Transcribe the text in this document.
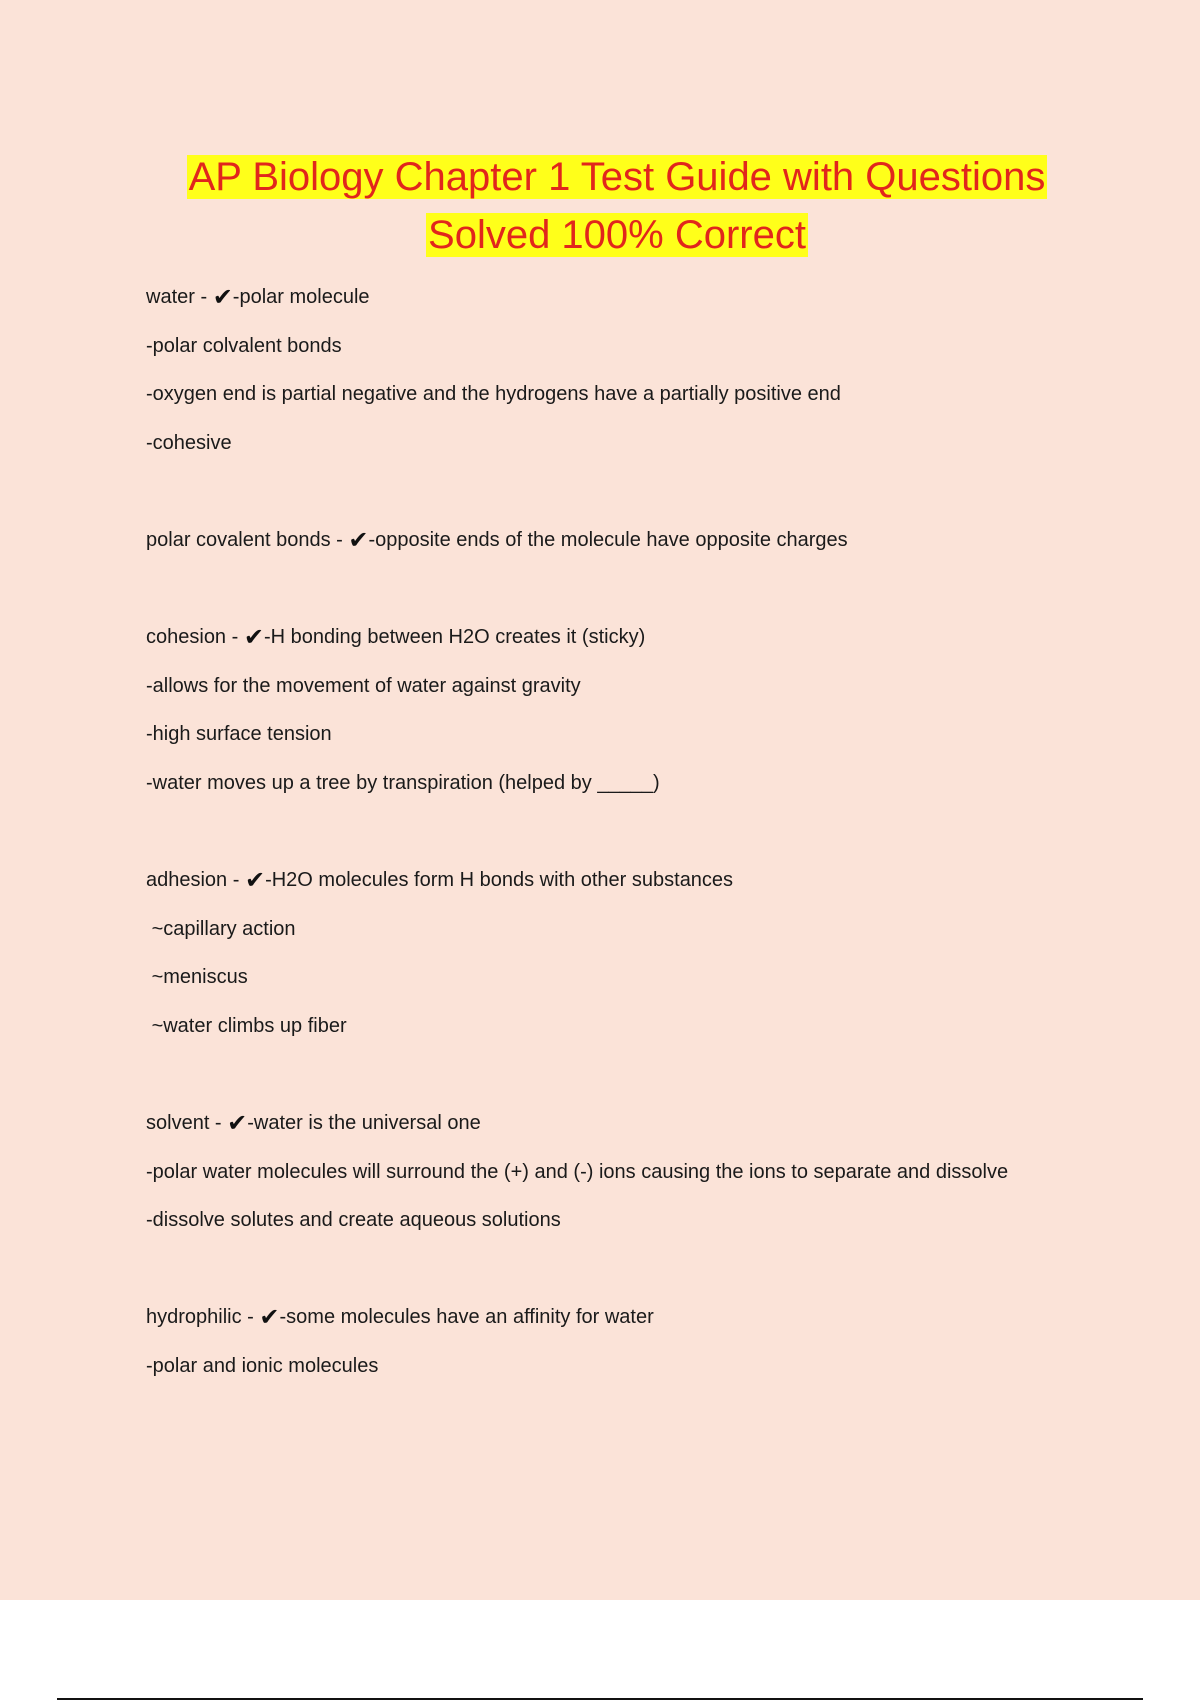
AP Biology Chapter 1 Test Guide with Questions
Solved 100% Correct
water - ✔-polar molecule
-polar colvalent bonds
-oxygen end is partial negative and the hydrogens have a partially positive end
-cohesive
polar covalent bonds - ✔-opposite ends of the molecule have opposite charges
cohesion - ✔-H bonding between H2O creates it (sticky)
-allows for the movement of water against gravity
-high surface tension
-water moves up a tree by transpiration (helped by _____)
adhesion - ✔-H2O molecules form H bonds with other substances
~capillary action
~meniscus
~water climbs up fiber
solvent - ✔-water is the universal one
-polar water molecules will surround the (+) and (-) ions causing the ions to separate and dissolve
-dissolve solutes and create aqueous solutions
hydrophilic - ✔-some molecules have an affinity for water
-polar and ionic molecules
